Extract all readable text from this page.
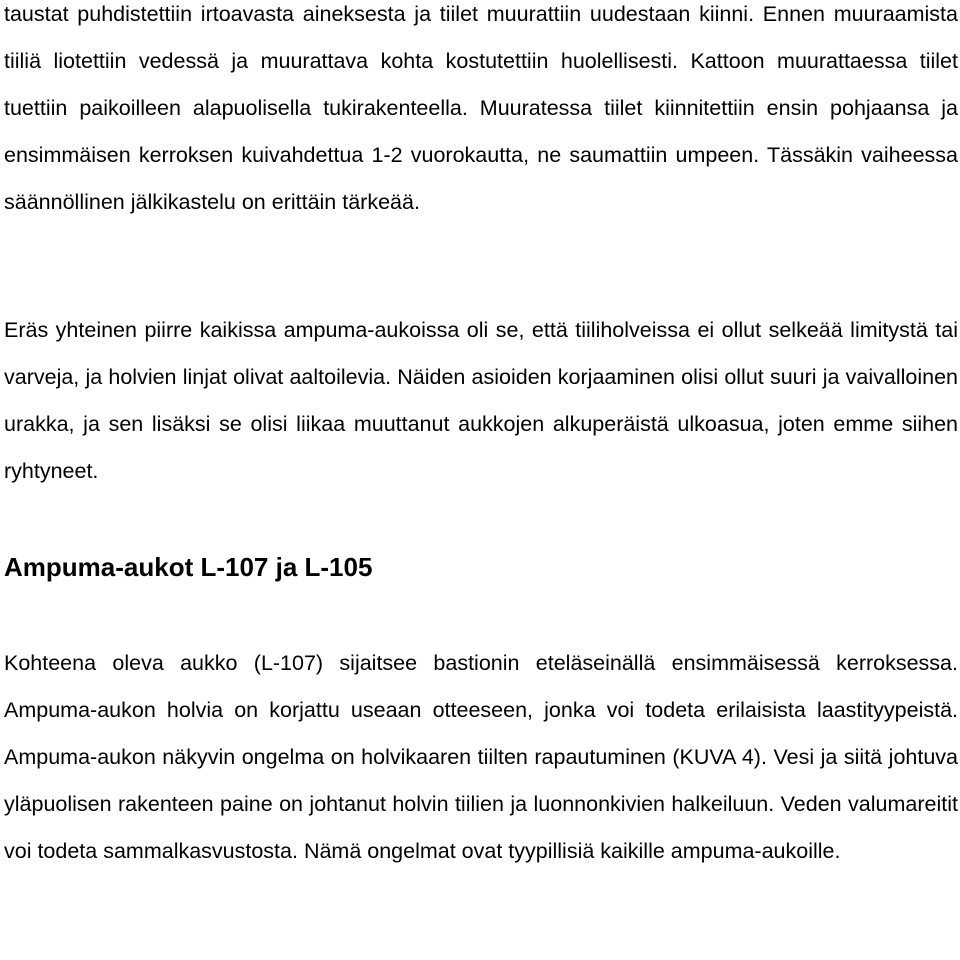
taustat puhdistettiin irtoavasta aineksesta ja tiilet muurattiin uudestaan kiinni. Ennen muuraamista tiiliä liotettiin vedessä ja muurattava kohta kostutettiin huolellisesti. Kattoon muurattaessa tiilet tuettiin paikoilleen alapuolisella tukirakenteella. Muuratessa tiilet kiinnitettiin ensin pohjaansa ja ensimmäisen kerroksen kuivahdettua 1-2 vuorokautta, ne saumattiin umpeen. Tässäkin vaiheessa säännöllinen jälkikastelu on erittäin tärkeää.

Eräs yhteinen piirre kaikissa ampuma-aukoissa oli se, että tiiliholveissa ei ollut selkeää limitystä tai varveja, ja holvien linjat olivat aaltoilevia. Näiden asioiden korjaaminen olisi ollut suuri ja vaivalloinen urakka, ja sen lisäksi se olisi liikaa muuttanut aukkojen alkuperäistä ulkoasua, joten emme siihen ryhtyneet.

Ampuma-aukot L-107 ja L-105

Kohteena oleva aukko (L-107) sijaitsee bastionin eteläseinällä ensimmäisessä kerroksessa. Ampuma-aukon holvia on korjattu useaan otteeseen, jonka voi todeta erilaisista laastityypeistä. Ampuma-aukon näkyvin ongelma on holvikaaren tiilten rapautuminen (KUVA 4). Vesi ja siitä johtuva yläpuolisen rakenteen paine on johtanut holvin tiilien ja luonnonkivien halkeiluun. Veden valumareitit voi todeta sammalkasvustosta. Nämä ongelmat ovat tyypillisiä kaikille ampuma-aukoille.
